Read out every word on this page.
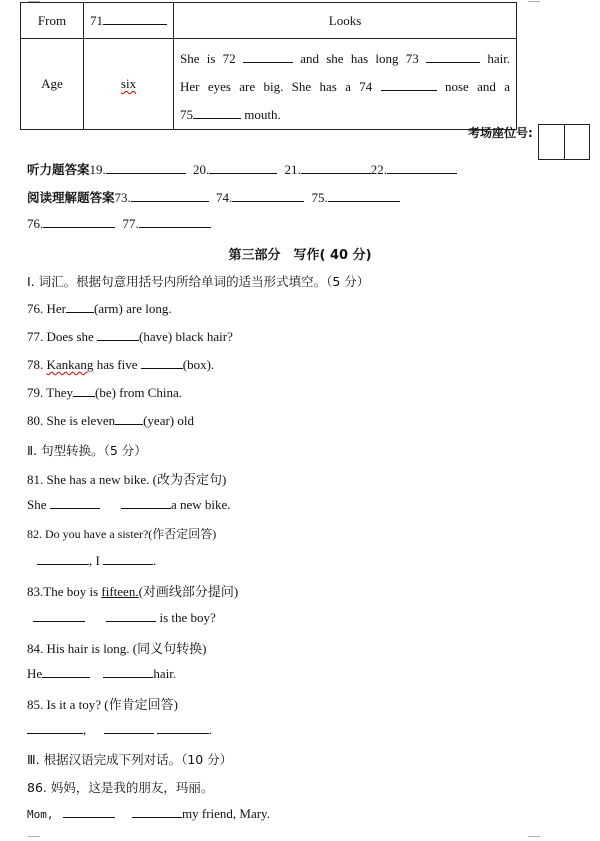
From	71	Looks
Age	six	She is 72 and she has long 73 hair.
Her eyes are big. She has a 74 nose and a
75 mouth.
考场座位号:
听力题答案19.	20.	21.	22.
阅读理解题答案73.	74.	75.
76.	77.
第三部分　写作( 40 分)
Ⅰ. 词汇。根据句意用括号内所给单词的适当形式填空。（5 分）
76. Her (arm) are long.
77. Does she	(have) black hair?
78. Kankang has five	(box).
79. They (be) from China.
80. She is eleven (year) old
Ⅱ. 句型转换。（5 分）
81. She has a new bike. (改为否定句)
She	a new bike.
82. Do you have a sister?(作否定回答)
, I	.
83.The boy is fifteen.(对画线部分提问)
is the boy?
84. His hair is long. (同义句转换)
He	hair.
85. Is it a toy? (作肯定回答)
,	.
Ⅲ. 根据汉语完成下列对话。（10 分）
86. 妈妈，这是我的朋友，玛丽。
Mom,	my friend, Mary.
